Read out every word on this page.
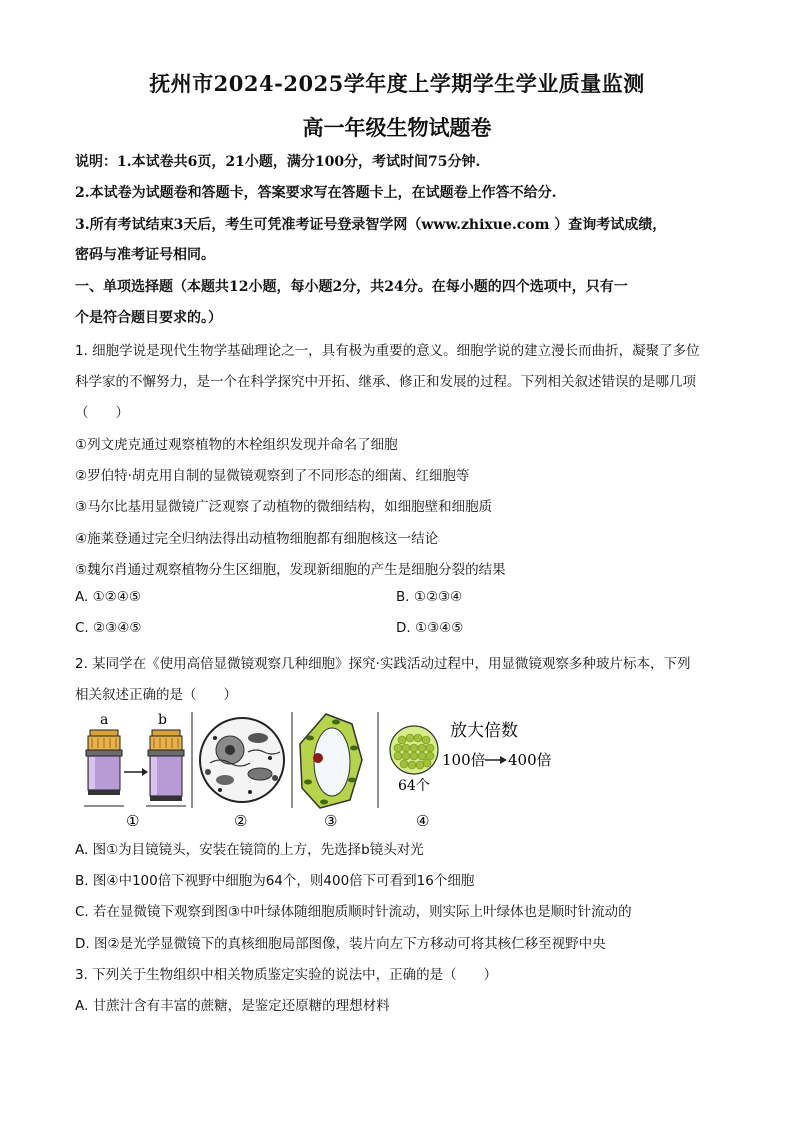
抚州市2024-2025学年度上学期学生学业质量监测
高一年级生物试题卷
说明：1.本试卷共6页，21小题，满分100分，考试时间75分钟.
2.本试卷为试题卷和答题卡，答案要求写在答题卡上，在试题卷上作答不给分.
3.所有考试结束3天后，考生可凭准考证号登录智学网（www.zhixue.com ）查询考试成绩，
密码与准考证号相同。
一、单项选择题（本题共12小题，每小题2分，共24分。在每小题的四个选项中，只有一
个是符合题目要求的。）
1. 细胞学说是现代生物学基础理论之一，具有极为重要的意义。细胞学说的建立漫长而曲折，凝聚了多位
科学家的不懈努力，是一个在科学探究中开拓、继承、修正和发展的过程。下列相关叙述错误的是哪几项
（　　）
①列文虎克通过观察植物的木栓组织发现并命名了细胞
②罗伯特·胡克用自制的显微镜观察到了不同形态的细菌、红细胞等
③马尔比基用显微镜广泛观察了动植物的微细结构，如细胞壁和细胞质
④施莱登通过完全归纳法得出动植物细胞都有细胞核这一结论
⑤魏尔肖通过观察植物分生区细胞，发现新细胞的产生是细胞分裂的结果
A. ①②④⑤	B. ①②③④
C. ②③④⑤	D. ①③④⑤
2. 某同学在《使用高倍显微镜观察几种细胞》探究·实践活动过程中，用显微镜观察多种玻片标本，下列
相关叙述正确的是（　　）
a	b
①	②	③
64个
放大倍数
100倍 400倍
④
A. 图①为目镜镜头，安装在镜筒的上方，先选择b镜头对光
B. 图④中100倍下视野中细胞为64个，则400倍下可看到16个细胞
C. 若在显微镜下观察到图③中叶绿体随细胞质顺时针流动，则实际上叶绿体也是顺时针流动的
D. 图②是光学显微镜下的真核细胞局部图像，装片向左下方移动可将其核仁移至视野中央
3. 下列关于生物组织中相关物质鉴定实验的说法中，正确的是（　　）
A. 甘蔗汁含有丰富的蔗糖，是鉴定还原糖的理想材料
